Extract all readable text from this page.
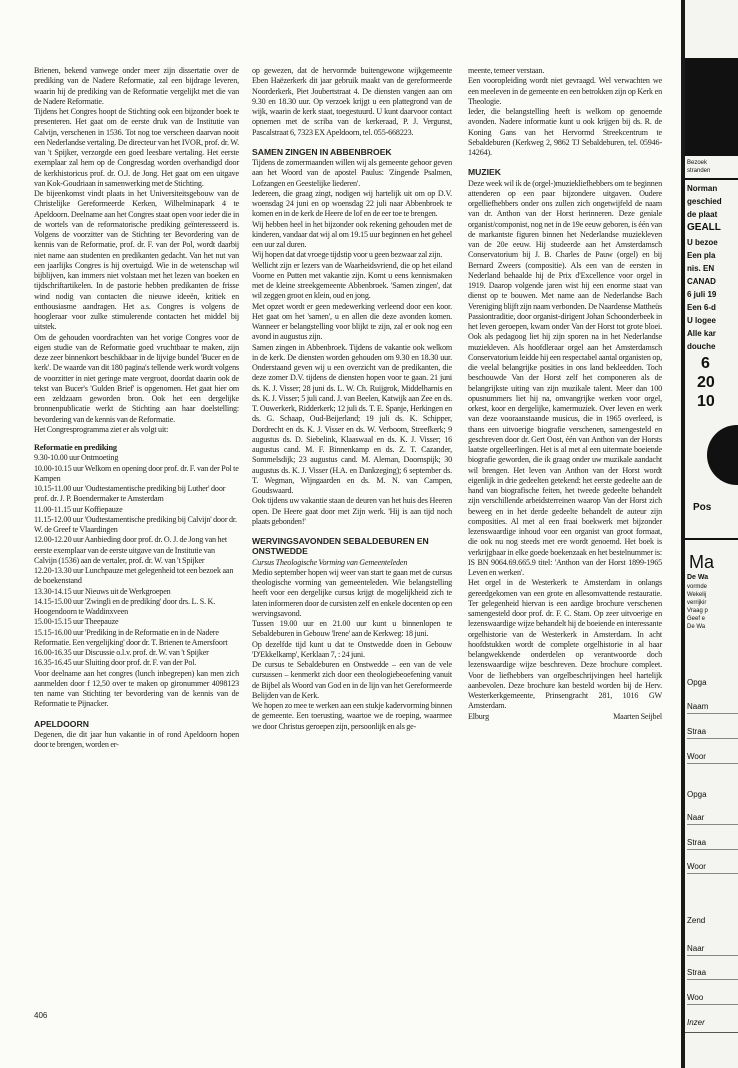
Brienen, bekend vanwege onder meer zijn dissertatie over de prediking van de Nadere Reformatie, zal een bijdrage leveren, waarin hij de prediking van de Reformatie vergelijkt met die van de Nadere Reformatie.

Tijdens het Congres hoopt de Stichting ook een bijzonder boek te presenteren. Het gaat om de eerste druk van de Institutie van Calvijn, verschenen in 1536. Tot nog toe verscheen daarvan nooit een Nederlandse vertaling. De directeur van het IVOR, prof. dr. W. van 't Spijker, verzorgde een goed leesbare vertaling. Het eerste exemplaar zal hem op de Congresdag worden overhandigd door de kerkhistoricus prof. dr. O.J. de Jong. Het gaat om een uitgave van Kok-Goudriaan in samenwerking met de Stichting.

De bijeenkomst vindt plaats in het Universiteitsgebouw van de Christelijke Gereformeerde Kerken, Wilhelminapark 4 te Apeldoorn. Deelname aan het Congres staat open voor ieder die in de wortels van de reformatorische prediking geïnteresseerd is. Volgens de voorzitter van de Stichting ter Bevordering van de kennis van de Reformatie, prof. dr. F. van der Pol, wordt daarbij niet name aan studenten en predikanten gedacht. Van het nut van een jaarlijks Congres is hij overtuigd. Wie in de wetenschap wil bijblijven, kan immers niet volstaan met het lezen van boeken en tijdschriftartikelen. In de pastorie hebben predikanten de frisse wind nodig van contacten die nieuwe ideeën, kritiek en enthousiasme aandragen. Het a.s. Congres is volgens de hoogleraar voor zulke stimulerende contacten het middel bij uitstek.

Om de gehouden voordrachten van het vorige Congres voor de eigen studie van de Reformatie goed vruchtbaar te maken, zijn deze zeer binnenkort beschikbaar in de lijvige bundel 'Bucer en de kerk'. De waarde van dit 180 pagina's tellende werk wordt volgens de voorzitter in niet geringe mate vergroot, doordat daarin ook de tekst van Bucer's 'Gulden Brief' is opgenomen. Het gaat hier om een zeldzaam geworden bron. Ook het een dergelijke bronnenpublicatie werkt de Stichting aan haar doelstelling: bevordering van de kennis van de Reformatie.

Het Congresprogramma ziet er als volgt uit:

Reformatie en prediking

9.30-10.00 uur Ontmoeting

10.00-10.15 uur Welkom en opening door prof. dr. F. van der Pol te Kampen

10.15-11.00 uur 'Oudtestamentische prediking bij Luther' door prof. dr. J. P. Boendermaker te Amsterdam

11.00-11.15 uur Koffiepauze

11.15-12.00 uur 'Oudtestamentische prediking bij Calvijn' door dr. W. de Greef te Vlaardingen

12.00-12.20 uur Aanbieding door prof. dr. O. J. de Jong van het eerste exemplaar van de eerste uitgave van de Institutie van Calvijn (1536) aan de vertaler, prof. dr. W. van 't Spijker

12.20-13.30 uur Lunchpauze met gelegenheid tot een bezoek aan de boekenstand

13.30-14.15 uur Nieuws uit de Werkgroepen

14.15-15.00 uur 'Zwingli en de prediking' door drs. L. S. K. Hoogendoorn te Waddinxveen

15.00-15.15 uur Theepauze

15.15-16.00 uur 'Prediking in de Reformatie en in de Nadere Reformatie. Een vergelijking' door dr. T. Brienen te Amersfoort

16.00-16.35 uur Discussie o.l.v. prof. dr. W. van 't Spijker

16.35-16.45 uur Sluiting door prof. dr. F. van der Pol.

Voor deelname aan het congres (lunch inbegrepen) kan men zich aanmelden door f 12,50 over te maken op gironummer 4098123 ten name van Stichting ter bevordering van de kennis van de Reformatie te Pijnacker.

APELDOORN

Degenen, die dit jaar hun vakantie in of rond Apeldoorn hopen door te brengen, worden er-

op gewezen, dat de hervormde buitengewone wijkgemeente Eben Haëzerkerk dit jaar gebruik maakt van de gereformeerde Noorderkerk, Piet Joubertstraat 4. De diensten vangen aan om 9.30 en 18.30 uur. Op verzoek krijgt u een plattegrond van de wijk, waarin de kerk staat, toegestuurd. U kunt daarvoor contact opnemen met de scriba van de kerkeraad, P. J. Vergunst, Pascalstraat 6, 7323 EX Apeldoorn, tel. 055-668223.

SAMEN ZINGEN IN ABBENBROEK

Tijdens de zomermaanden willen wij als gemeente gehoor geven aan het Woord van de apostel Paulus: 'Zingende Psalmen, Lofzangen en Geestelijke liederen'.

Iedereen, die graag zingt, nodigen wij hartelijk uit om op D.V. woensdag 24 juni en op woensdag 22 juli naar Abbenbroek te komen en in de kerk de Heere de lof en de eer toe te brengen.

Wij hebben heel in het bijzonder ook rekening gehouden met de kinderen, vandaar dat wij al om 19.15 uur beginnen en het geheel een uur zal duren.

Wij hopen dat dat vroege tijdstip voor u geen bezwaar zal zijn.

Wellicht zijn er lezers van de Waarheidsvriend, die op het eiland Voorne en Putten met vakantie zijn. Komt u eens kennismaken met de kleine streekgemeente Abbenbroek. 'Samen zingen', dat wil zeggen groot en klein, oud en jong.

Met opzet wordt er geen medewerking verleend door een koor. Het gaat om het 'samen', u en allen die deze avonden komen. Wanneer er belangstelling voor blijkt te zijn, zal er ook nog een avond in augustus zijn.

Samen zingen in Abbenbroek. Tijdens de vakantie ook welkom in de kerk. De diensten worden gehouden om 9.30 en 18.30 uur. Onderstaand geven wij u een overzicht van de predikanten, die deze zomer D.V. tijdens de diensten hopen voor te gaan. 21 juni ds. K. J. Visser; 28 juni ds. L. W. Ch. Ruijgrok, Middelharnis en ds. K. J. Visser; 5 juli cand. J. van Beelen, Katwijk aan Zee en ds. T. Ouwerkerk, Ridderkerk; 12 juli ds. T. E. Spanje, Herkingen en ds. G. Schaap, Oud-Beijerland; 19 juli ds. K. Schipper, Dordrecht en ds. K. J. Visser en ds. W. Verboom, Streefkerk; 9 augustus ds. D. Siebelink, Klaaswaal en ds. K. J. Visser; 16 augustus cand. M. F. Binnenkamp en ds. Z. T. Cazander, Sommelsdijk; 23 augustus cand. M. Aleman, Doornspijk; 30 augustus ds. K. J. Visser (H.A. en Dankzeging); 6 september ds. T. Wegman, Wijngaarden en ds. M. N. van Campen, Goudswaard.

Ook tijdens uw vakantie staan de deuren van het huis des Heeren open. De Heere gaat door met Zijn werk. 'Hij is aan tijd noch plaats gebonden!'

WERVINGSAVONDEN SEBALDEBUREN EN ONSTWEDDE

Cursus Theologische Vorming van Gemeenteleden

Medio september hopen wij weer van start te gaan met de cursus theologische vorming van gemeenteleden. Wie belangstelling heeft voor een dergelijke cursus krijgt de mogelijkheid zich te laten informeren door de cursisten zelf en enkele docenten op een wervingsavond.

Tussen 19.00 uur en 21.00 uur kunt u binnenlopen te Sebaldeburen in Gebouw 'Irene' aan de Kerkweg: 18 juni.

Op dezelfde tijd kunt u dat te Onstwedde doen in Gebouw 'D'Ekkelkamp', Kerklaan 7, : 24 juni.

De cursus te Sebaldeburen en Onstwedde – een van de vele cursussen – kenmerkt zich door een theologiebeoefening vanuit de Bijbel als Woord van God en in de lijn van het Gereformeerde Belijden van de Kerk.

We hopen zo mee te werken aan een stukje kadervorming binnen de gemeente. Een toerusting, waartoe we de roeping, waarmee we door Christus geroepen zijn, persoonlijk en als ge-

meente, temeer verstaan.

Een vooropleiding wordt niet gevraagd. Wel verwachten we een meeleven in de gemeente en een betrokken zijn op Kerk en Theologie.

Ieder, die belangstelling heeft is welkom op genoemde avonden. Nadere informatie kunt u ook krijgen bij ds. R. de Koning Gans van het Hervormd Streekcentrum te Sebaldeburen (Kerkweg 2, 9862 TJ Sebaldeburen, tel. 05946-14264).

MUZIEK

Deze week wil ik de (orgel-)muziekliefhebbers om te beginnen attenderen op een paar bijzondere uitgaven. Oudere orgelliefhebbers onder ons zullen zich ongetwijfeld de naam van dr. Anthon van der Horst herinneren. Deze geniale organist/componist, nog net in de 19e eeuw geboren, is één van de markantste figuren binnen het Nederlandse muziekleven van de 20e eeuw. Hij studeerde aan het Amsterdamsch Conservatorium bij J. B. Charles de Pauw (orgel) en bij Bernard Zweers (compositie). Als een van de eersten in Nederland behaalde hij de Prix d'Excellence voor orgel in 1919. Daarop volgende jaren wist hij een enorme staat van dienst op te bouwen. Met name aan de Nederlandse Bach Vereniging blijft zijn naam verbonden. De Naardense Mattheüs Passiontraditie, door organist-dirigent Johan Schoonderbeek in het leven geroepen, kwam onder Van der Horst tot grote bloei. Ook als pedagoog liet hij zijn sporen na in het Nederlandse muziekleven. Als hoofdleraar orgel aan het Amsterdamsch Conservatorium leidde hij een respectabel aantal organisten op, die veelal belangrijke posities in ons land bekleedden. Toch beschouwde Van der Horst zelf het componeren als de belangrijkste uiting van zijn muzikale talent. Meer dan 100 opusnummers liet hij na, omvangrijke werken voor orgel, orkest, koor en dergelijke, kamermuziek. Over leven en werk van deze vooraanstaande musicus, die in 1965 overleed, is thans een uitvoerige biografie verschenen, samengesteld en geschreven door dr. Gert Oost, één van Anthon van der Horsts laatste orgelleerlingen. Het is al met al een uitermate boeiende biografie geworden, die ik graag onder uw muzikale aandacht wil brengen. Het leven van Anthon van der Horst wordt eigenlijk in drie gedeelten getekend: het eerste gedeelte aan de hand van biografische feiten, het tweede gedeelte behandelt zijn verschillende arbeidsterreinen waarop Van der Horst zich beweeg en in het derde gedeelte behandelt de auteur zijn composities. Al met al een fraai boekwerk met bijzonder lezenswaardige inhoud voor een organist van groot formaat, die ook nu nog steeds met ere wordt genoemd. Het boek is verkrijgbaar in elke goede boekenzaak en het bestelnummer is: IS BN 9064.69.665.9 titel: 'Anthon van der Horst 1899-1965 Leven en werken'.

Het orgel in de Westerkerk te Amsterdam in onlangs gereedgekomen van een grote en allesomvattende restauratie. Ter gelegenheid hiervan is een aardige brochure verschenen samengesteld door prof. dr. F. C. Stam. Op zeer uitvoerige en lezenswaardige wijze behandelt hij de boeiende en interessante orgelhistorie van de Westerkerk in Amsterdam. In acht hoofdstukken wordt de complete orgelhistorie in al haar belangwekkende onderdelen op verantwoorde doch lezenswaardige wijze beschreven. Deze brochure compleet. Voor de liefhebbers van orgelbeschrijvingen heel hartelijk aanbevolen. Deze brochure kan besteld worden bij de Herv. Westerkerkgemeente, Prinsengracht 281, 1016 GW Amsterdam.

Elburg	Maarten Seijbel
406
Bezoek
stranden
Norman
geschied
de plaat
GEALL
U bezoe
Een pla
nis. EN
CANAD
6 juli 19
Een 6-d
U logee
Alle kar
douche
6
20
10
Pos
Ma
De Wa
vormde
Wekelij
verrijkir
Vraag p
Geef e
De Wa
Opga
Naam
Straa
Woor
Opga
Naar
Straa
Woor
Zend
Naar
Straa
Woo
Inzer
